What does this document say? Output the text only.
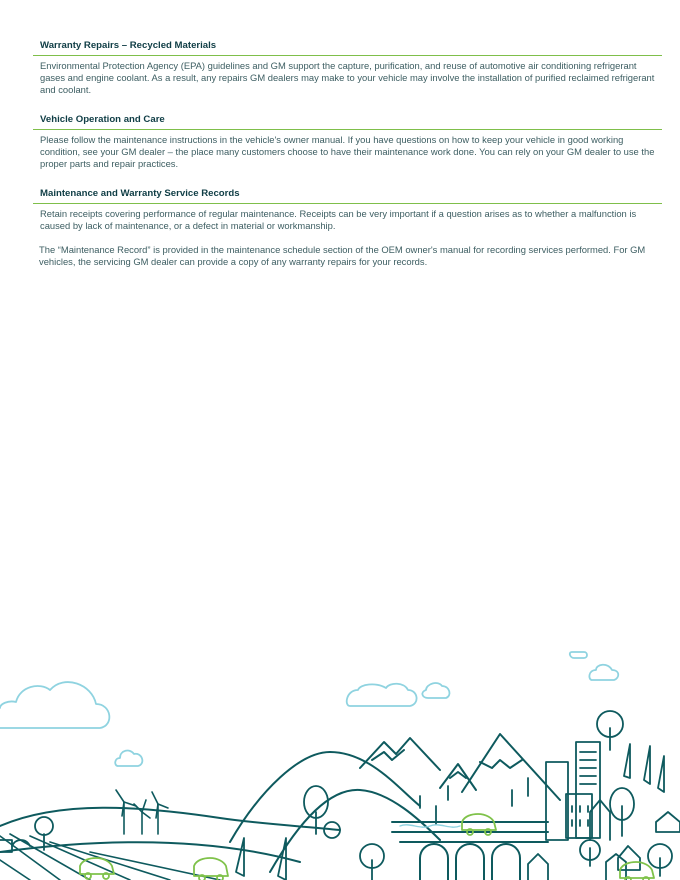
Warranty Repairs – Recycled Materials

Environmental Protection Agency (EPA) guidelines and GM support the capture, purification, and reuse of automotive air conditioning refrigerant gases and engine coolant. As a result, any repairs GM dealers may make to your vehicle may involve the installation of purified reclaimed refrigerant and coolant.

Vehicle Operation and Care

Please follow the maintenance instructions in the vehicle's owner manual. If you have questions on how to keep your vehicle in good working condition, see your GM dealer – the place many customers choose to have their maintenance work done. You can rely on your GM dealer to use the proper parts and repair practices.

Maintenance and Warranty Service Records

Retain receipts covering performance of regular maintenance. Receipts can be very important if a question arises as to whether a malfunction is caused by lack of maintenance, or a defect in material or workmanship.

The “Maintenance Record” is provided in the maintenance schedule section of the OEM owner's manual for recording services performed. For GM vehicles, the servicing GM dealer can provide a copy of any warranty repairs for your records.
